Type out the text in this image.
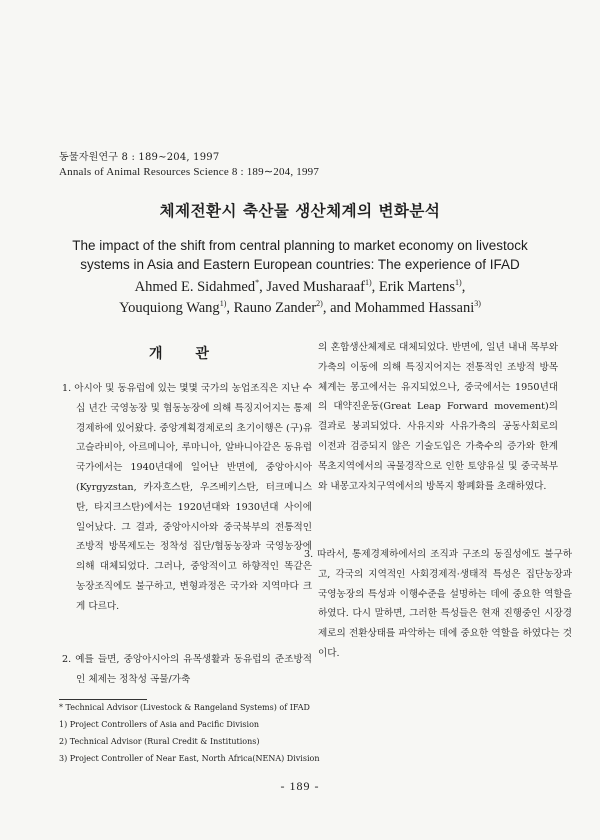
동물자원연구 8 : 189∼204, 1997
Annals of Animal Resources Science 8 : 189∼204, 1997
체제전환시 축산물 생산체계의 변화분석
The impact of the shift from central planning to market economy on livestock systems in Asia and Eastern European countries: The experience of IFAD
Ahmed E. Sidahmed*, Javed Musharaaf$^{1)}$, Erik Martens$^{1)}$,
Youquiong Wang$^{1)}$, Rauno Zander$^{2)}$, and Mohammed Hassani$^{3)}$
개 관
1. 아시아 및 동유럽에 있는 몇몇 국가의 농업조직은 지난 수십 년간 국영농장 및 협동농장에 의해 특징지어지는 통제경제하에 있어왔다. 중앙계획경제로의 초기이행은 (구)유고슬라비아, 아르메니아, 루마니아, 알바니아같은 동유럽국가에서는 1940년대에 일어난 반면에, 중앙아시아(Kyrgyzstan, 카자흐스탄, 우즈베키스탄, 터크메니스탄, 타지크스탄)에서는 1920년대와 1930년대 사이에 일어났다. 그 결과, 중앙아시아와 중국북부의 전통적인 조방적 방목제도는 정착성 집단/협동농장과 국영농장에 의해 대체되었다. 그러나, 중앙적이고 하향적인 똑같은 농장조직에도 불구하고, 변형과정은 국가와 지역마다 크게 다르다.
2. 예를 들면, 중앙아시아의 유목생활과 동유럽의 준조방적인 체제는 정착성 곡물/가축
의 혼합생산체제로 대체되었다. 반면에, 일년 내내 목부와 가축의 이동에 의해 특징지어지는 전통적인 조방적 방목체계는 몽고에서는 유지되었으나, 중국에서는 1950년대의 대약진운동(Great Leap Forward movement)의 결과로 붕괴되었다. 사유지와 사유가축의 공동사회로의 이전과 검증되지 않은 기술도입은 가축수의 증가와 한계목초지역에서의 곡물경작으로 인한 토양유실 및 중국북부와 내몽고자치구역에서의 방목지 황폐화를 초래하였다.
3. 따라서, 통제경제하에서의 조직과 구조의 동질성에도 불구하고, 각국의 지역적인 사회경제적·생태적 특성은 집단농장과 국영농장의 특성과 이행수준을 설명하는 데에 중요한 역할을 하였다. 다시 말하면, 그러한 특성들은 현재 진행중인 시장경제로의 전환상태를 파악하는 데에 중요한 역할을 하였다는 것이다.
* Technical Advisor (Livestock & Rangeland Systems) of IFAD
1) Project Controllers of Asia and Pacific Division
2) Technical Advisor (Rural Credit & Institutions)
3) Project Controller of Near East, North Africa(NENA) Division
- 189 -
